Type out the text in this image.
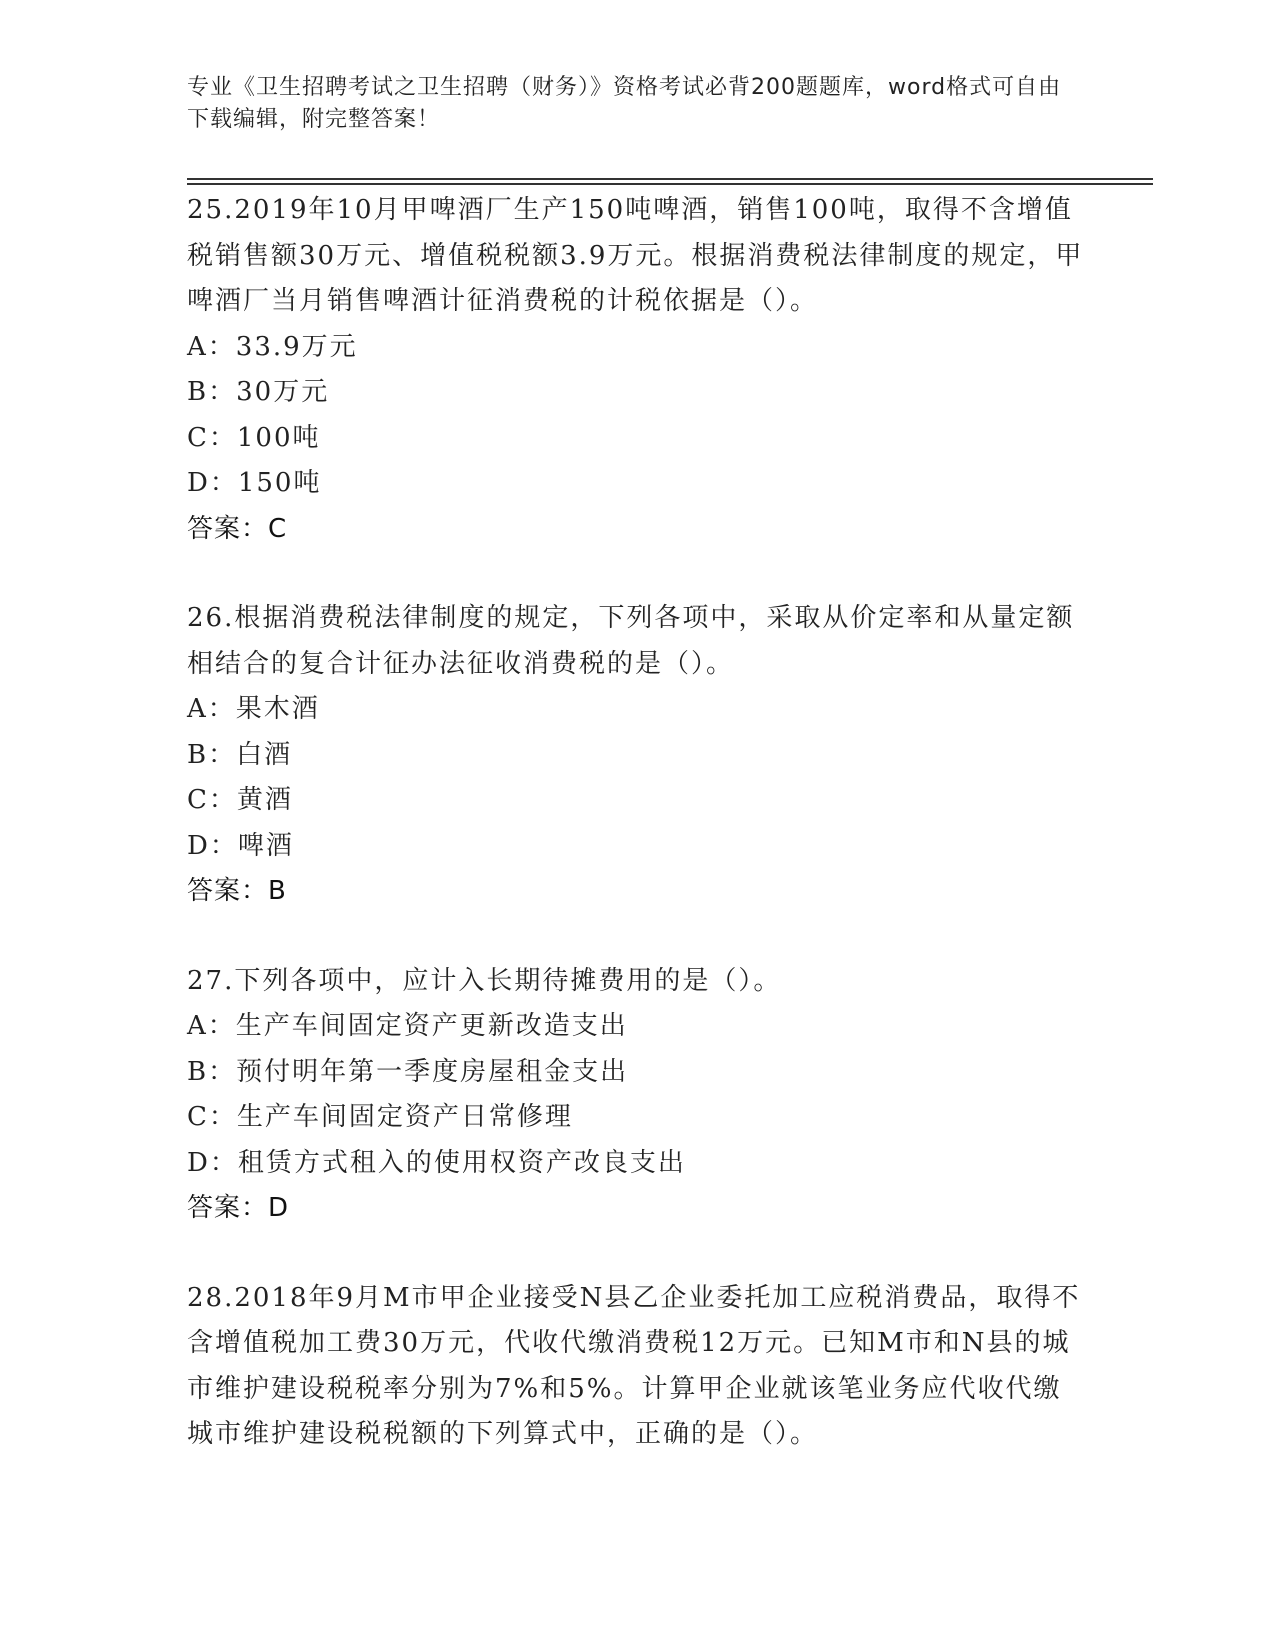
专业《卫生招聘考试之卫生招聘（财务）》资格考试必背200题题库，word格式可自由下载编辑，附完整答案！

25.2019年10月甲啤酒厂生产150吨啤酒，销售100吨，取得不含增值税销售额30万元、增值税税额3.9万元。根据消费税法律制度的规定，甲啤酒厂当月销售啤酒计征消费税的计税依据是（）。

A：33.9万元
B：30万元
C：100吨
D：150吨
答案：C

26.根据消费税法律制度的规定，下列各项中，采取从价定率和从量定额相结合的复合计征办法征收消费税的是（）。

A：果木酒
B：白酒
C：黄酒
D：啤酒
答案：B

27.下列各项中，应计入长期待摊费用的是（）。

A：生产车间固定资产更新改造支出
B：预付明年第一季度房屋租金支出
C：生产车间固定资产日常修理
D：租赁方式租入的使用权资产改良支出
答案：D

28.2018年9月M市甲企业接受N县乙企业委托加工应税消费品，取得不含增值税加工费30万元，代收代缴消费税12万元。已知M市和N县的城市维护建设税税率分别为7%和5%。计算甲企业就该笔业务应代收代缴城市维护建设税税额的下列算式中，正确的是（）。
